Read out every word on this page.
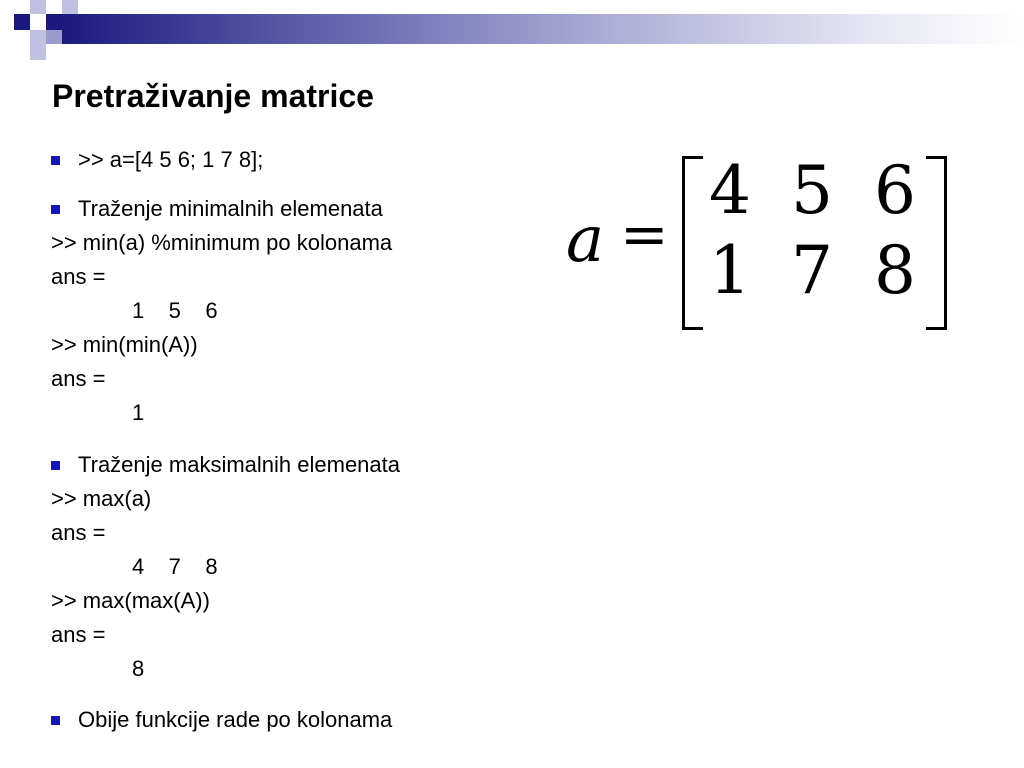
Pretraživanje matrice
>> a=[4 5 6; 1 7 8];
Traženje minimalnih elemenata
>> min(a) %minimum po kolonama
ans =
1    5    6
>> min(min(A))
ans =
1
Traženje maksimalnih elemenata
>> max(a)
ans =
4    7    8
>> max(max(A))
ans =
8
Obije funkcije rade po kolonama
a =
4 5 6
1 7 8
